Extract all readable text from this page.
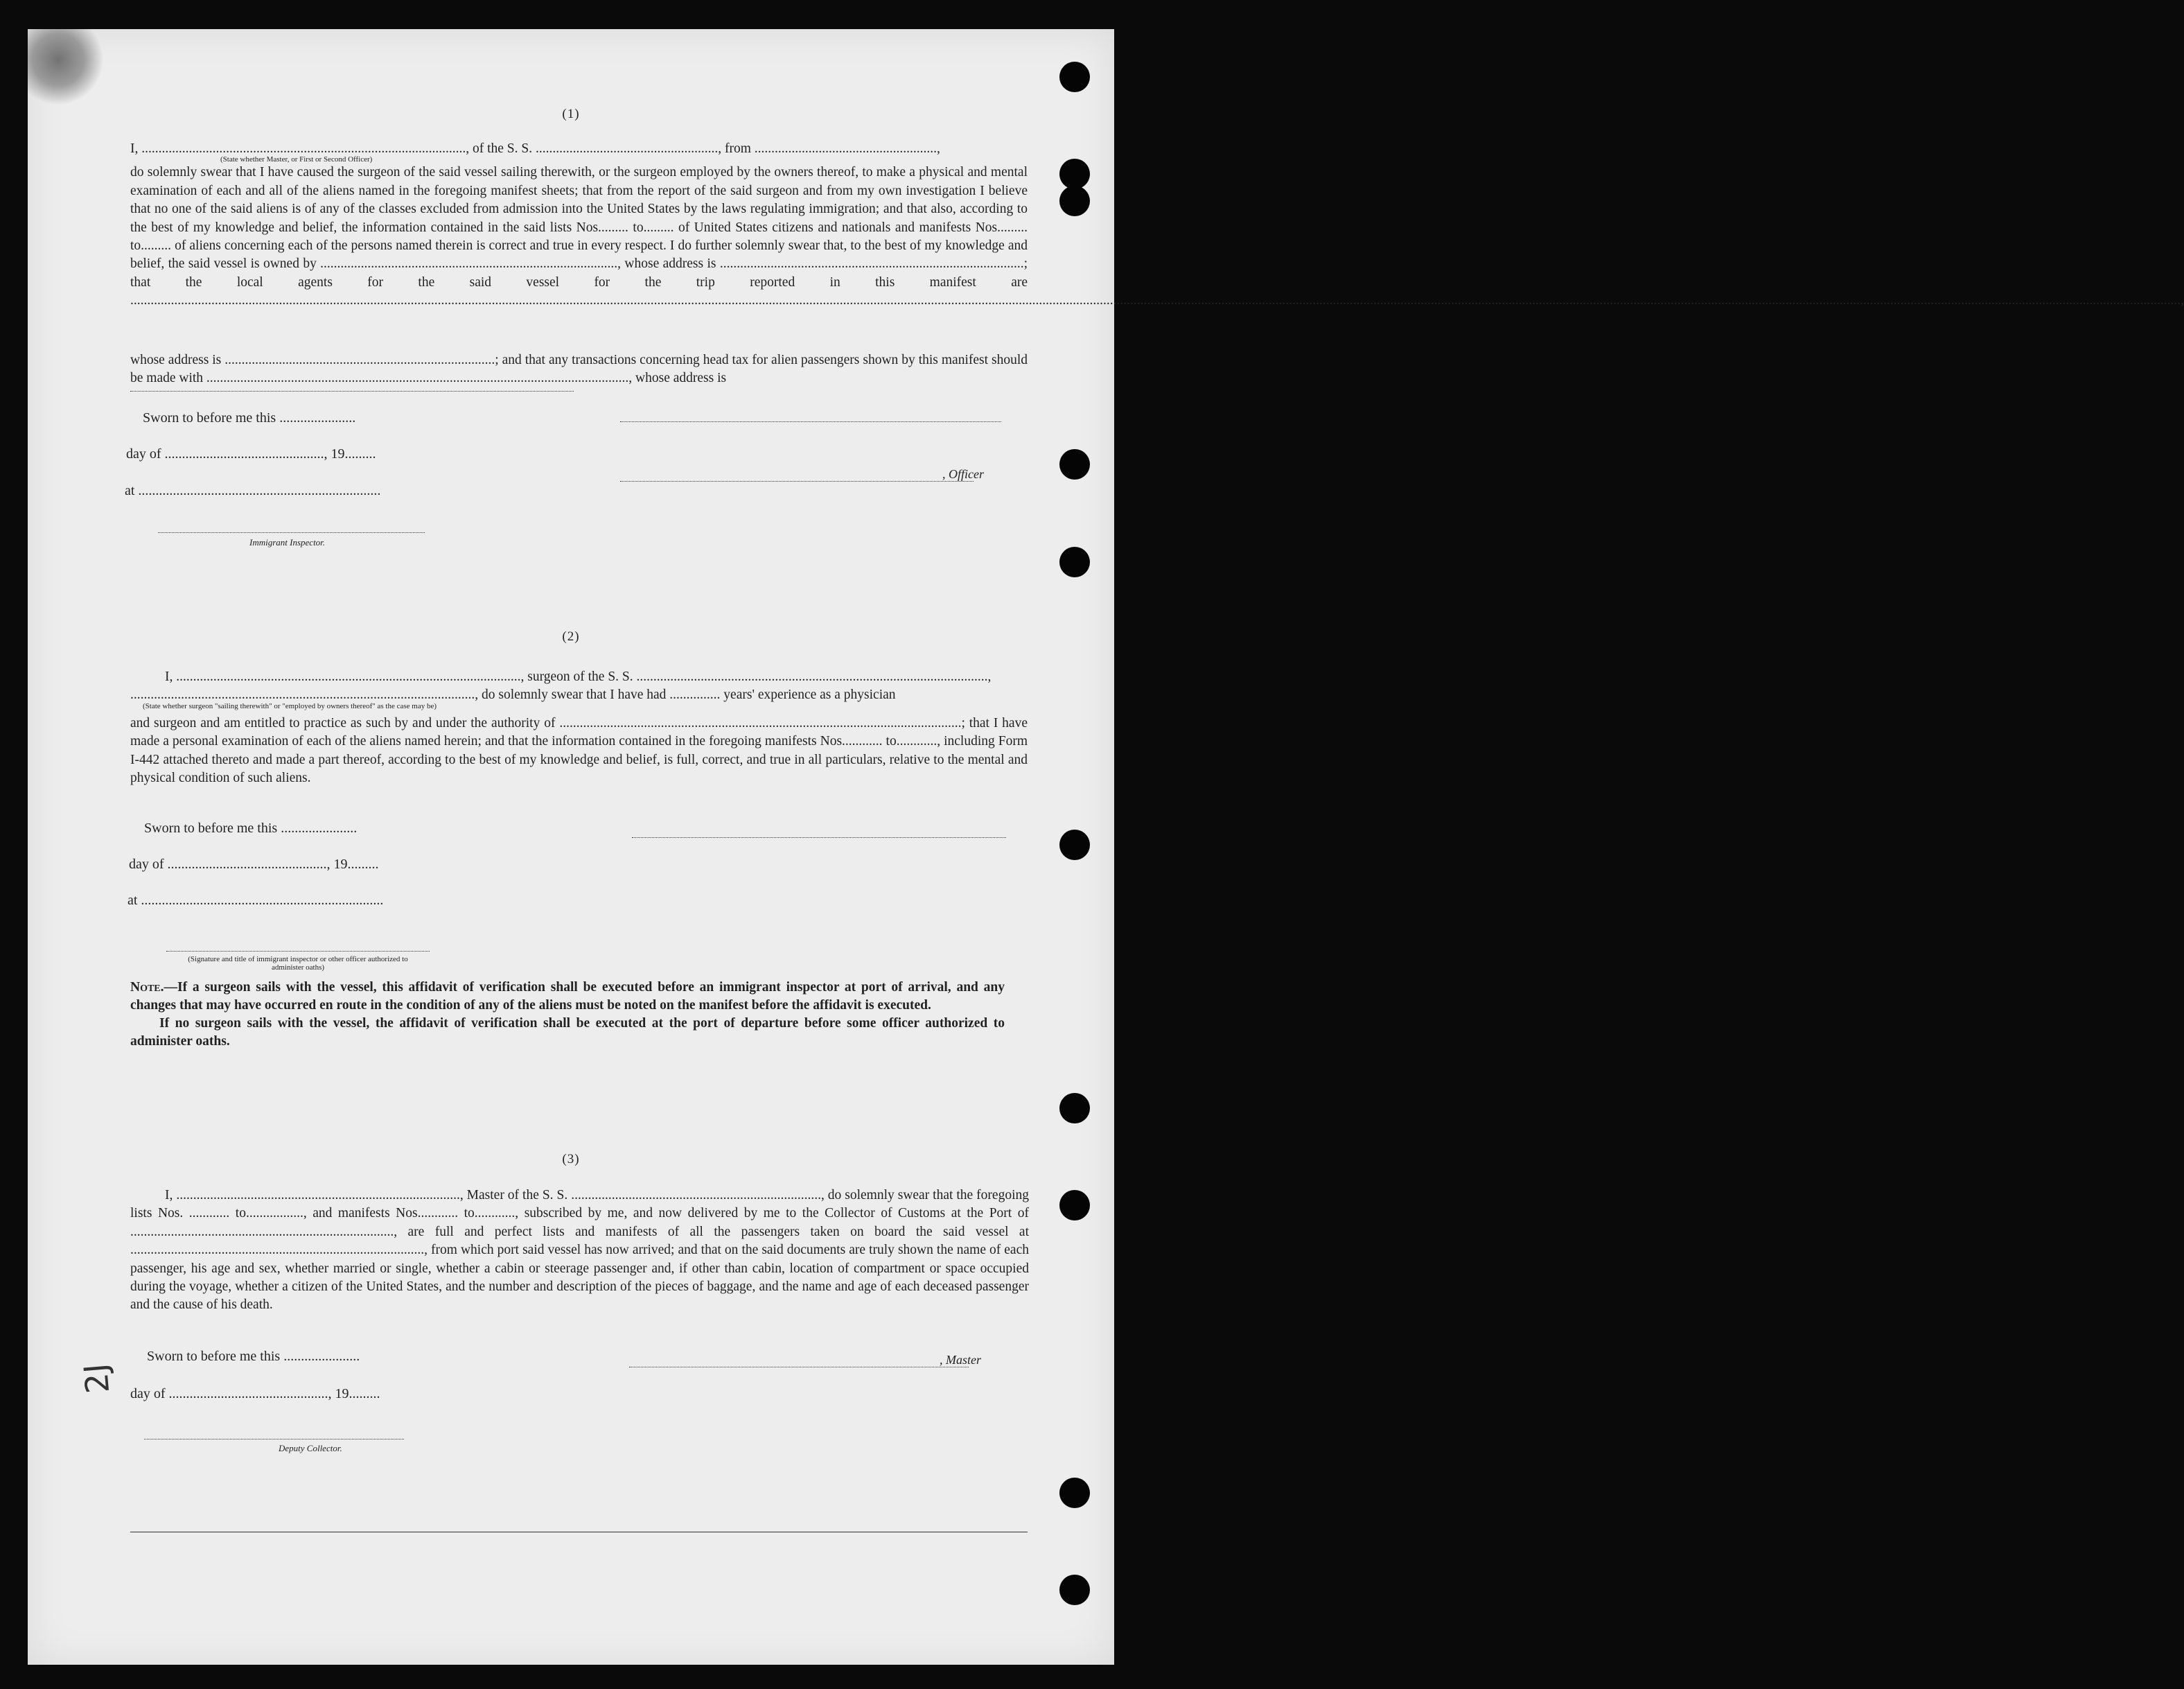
(1)
I, ................................................................................................, of the S. S. ......................................................, from ......................................................,
(State whether Master, or First or Second Officer)

do solemnly swear that I have caused the surgeon of the said vessel sailing therewith, or the surgeon employed by the owners thereof, to make a physical and mental examination of each and all of the aliens named in the foregoing manifest sheets; that from the report of the said surgeon and from my own investigation I believe that no one of the said aliens is of any of the classes excluded from admission into the United States by the laws regulating immigration; and that also, according to the best of my knowledge and belief, the information contained in the said lists Nos......... to......... of United States citizens and nationals and manifests Nos......... to......... of aliens concerning each of the persons named therein is correct and true in every respect. I do further solemnly swear that, to the best of my knowledge and belief, the said vessel is owned by ........................................................................................, whose address is ..........................................................................................; that the local agents for the said vessel for the trip reported in this manifest are ...............................................................................................................................................................................................................................................................................................................................................................................................................................................................................................................................................................................................................................,

whose address is ................................................................................; and that any transactions concerning head tax for alien passengers shown by this manifest should be made with ............................................................................................................................., whose address is

Sworn to before me this ......................
day of .............................................., 19.........
at ......................................................................
Immigrant Inspector.
, Officer
(2)
I, ......................................................................................................, surgeon of the S. S. ........................................................................................................,
......................................................................................................, do solemnly swear that I have had ............... years' experience as a physician
(State whether surgeon "sailing therewith" or "employed by owners thereof" as the case may be)

and surgeon and am entitled to practice as such by and under the authority of .......................................................................................................................; that I have made a personal examination of each of the aliens named herein; and that the information contained in the foregoing manifests Nos............ to............, including Form I-442 attached thereto and made a part thereof, according to the best of my knowledge and belief, is full, correct, and true in all particulars, relative to the mental and physical condition of such aliens.

Sworn to before me this ......................
day of .............................................., 19.........
at ......................................................................
(Signature and title of immigrant inspector or other officer authorized to administer oaths)

Note.—If a surgeon sails with the vessel, this affidavit of verification shall be executed before an immigrant inspector at port of arrival, and any changes that may have occurred en route in the condition of any of the aliens must be noted on the manifest before the affidavit is executed.

If no surgeon sails with the vessel, the affidavit of verification shall be executed at the port of departure before some officer authorized to administer oaths.

(3)

I, ...................................................................................., Master of the S. S. .........................................................................., do solemnly swear that the foregoing lists Nos. ............ to................., and manifests Nos............ to............, subscribed by me, and now delivered by me to the Collector of Customs at the Port of .............................................................................., are full and perfect lists and manifests of all the passengers taken on board the said vessel at ......................................................................................., from which port said vessel has now arrived; and that on the said documents are truly shown the name of each passenger, his age and sex, whether married or single, whether a cabin or steerage passenger and, if other than cabin, location of compartment or space occupied during the voyage, whether a citizen of the United States, and the number and description of the pieces of baggage, and the name and age of each deceased passenger and the cause of his death.

Sworn to before me this ......................
day of .............................................., 19.........
, Master
Deputy Collector.
2J
